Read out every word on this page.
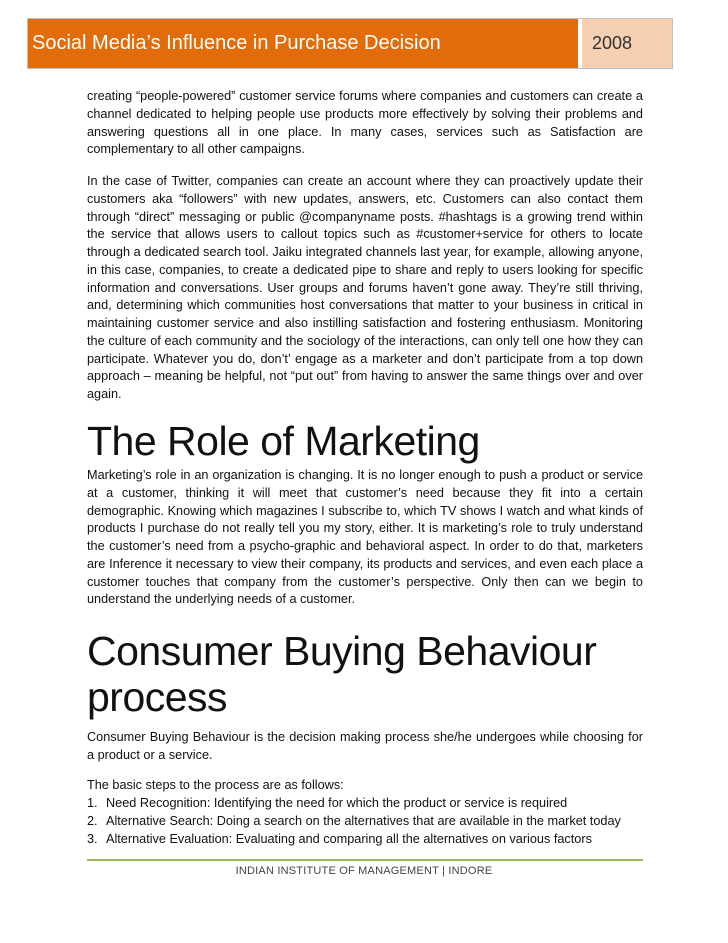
Social Media’s Influence in Purchase Decision	2008

creating “people-powered” customer service forums where companies and customers can create a channel dedicated to helping people use products more effectively by solving their problems and answering questions all in one place. In many cases, services such as Satisfaction are complementary to all other campaigns.

In the case of Twitter, companies can create an account where they can proactively update their customers aka “followers” with new updates, answers, etc. Customers can also contact them through “direct” messaging or public @companyname posts. #hashtags is a growing trend within the service that allows users to callout topics such as #customer+service for others to locate through a dedicated search tool. Jaiku integrated channels last year, for example, allowing anyone, in this case, companies, to create a dedicated pipe to share and reply to users looking for specific information and conversations. User groups and forums haven’t gone away. They’re still thriving, and, determining which communities host conversations that matter to your business in critical in maintaining customer service and also instilling satisfaction and fostering enthusiasm. Monitoring the culture of each community and the sociology of the interactions, can only tell one how they can participate. Whatever you do, don’t’ engage as a marketer and don’t participate from a top down approach – meaning be helpful, not “put out” from having to answer the same things over and over again.

The Role of Marketing

Marketing’s role in an organization is changing. It is no longer enough to push a product or service at a customer, thinking it will meet that customer’s need because they fit into a certain demographic. Knowing which magazines I subscribe to, which TV shows I watch and what kinds of products I purchase do not really tell you my story, either. It is marketing’s role to truly understand the customer’s need from a psycho-graphic and behavioral aspect. In order to do that, marketers are Inference it necessary to view their company, its products and services, and even each place a customer touches that company from the customer’s perspective. Only then can we begin to understand the underlying needs of a customer.

Consumer Buying Behaviour process

Consumer Buying Behaviour is the decision making process she/he undergoes while choosing for a product or a service.

The basic steps to the process are as follows:

1. Need Recognition: Identifying the need for which the product or service is required
2. Alternative Search: Doing a search on the alternatives that are available in the market today
3. Alternative Evaluation: Evaluating and comparing all the alternatives on various factors
INDIAN INSTITUTE OF MANAGEMENT | INDORE
